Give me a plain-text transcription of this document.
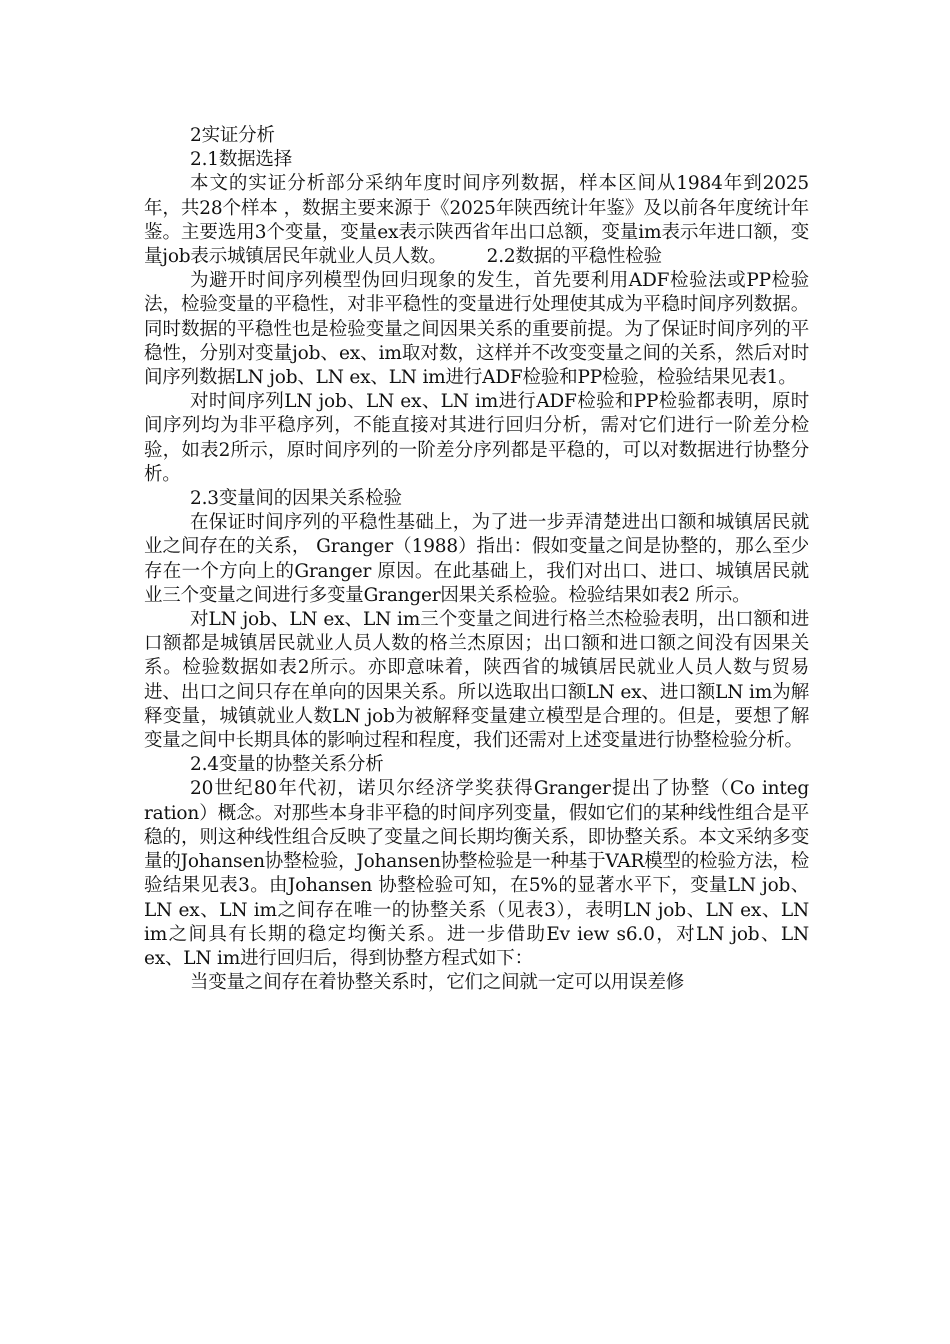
2实证分析

2.1数据选择

本文的实证分析部分采纳年度时间序列数据，样本区间从1984年到2025年，共28个样本 ，数据主要来源于《2025年陕西统计年鉴》及以前各年度统计年鉴。主要选用3个变量，变量ex表示陕西省年出口总额，变量im表示年进口额，变量job表示城镇居民年就业人员人数。 2.2数据的平稳性检验

为避开时间序列模型伪回归现象的发生，首先要利用ADF检验法或PP检验法，检验变量的平稳性，对非平稳性的变量进行处理使其成为平稳时间序列数据。同时数据的平稳性也是检验变量之间因果关系的重要前提。为了保证时间序列的平稳性，分别对变量job、ex、im取对数，这样并不改变变量之间的关系，然后对时间序列数据LN job、LN ex、LN im进行ADF检验和PP检验，检验结果见表1。

对时间序列LN job、LN ex、LN im进行ADF检验和PP检验都表明，原时间序列均为非平稳序列，不能直接对其进行回归分析，需对它们进行一阶差分检验，如表2所示，原时间序列的一阶差分序列都是平稳的，可以对数据进行协整分析。

2.3变量间的因果关系检验

在保证时间序列的平稳性基础上，为了进一步弄清楚进出口额和城镇居民就业之间存在的关系， Granger（1988）指出：假如变量之间是协整的，那么至少存在一个方向上的Granger 原因。在此基础上，我们对出口、进口、城镇居民就业三个变量之间进行多变量Granger因果关系检验。检验结果如表2 所示。

对LN job、LN ex、LN im三个变量之间进行格兰杰检验表明，出口额和进口额都是城镇居民就业人员人数的格兰杰原因；出口额和进口额之间没有因果关系。检验数据如表2所示。亦即意味着，陕西省的城镇居民就业人员人数与贸易进、出口之间只存在单向的因果关系。所以选取出口额LN ex、进口额LN im为解释变量，城镇就业人数LN job为被解释变量建立模型是合理的。但是，要想了解变量之间中长期具体的影响过程和程度，我们还需对上述变量进行协整检验分析。

2.4变量的协整关系分析

20世纪80年代初，诺贝尔经济学奖获得Granger提出了协整（Co integ ration）概念。对那些本身非平稳的时间序列变量，假如它们的某种线性组合是平稳的，则这种线性组合反映了变量之间长期均衡关系，即协整关系。本文采纳多变量的Johansen协整检验，Johansen协整检验是一种基于VAR模型的检验方法，检验结果见表3。由Johansen 协整检验可知，在5%的显著水平下，变量LN job、LN ex、LN im之间存在唯一的协整关系（见表3），表明LN job、LN ex、LN im之间具有长期的稳定均衡关系。进一步借助Ev iew s6.0，对LN job、LN ex、LN im进行回归后，得到协整方程式如下：

当变量之间存在着协整关系时，它们之间就一定可以用误差修
